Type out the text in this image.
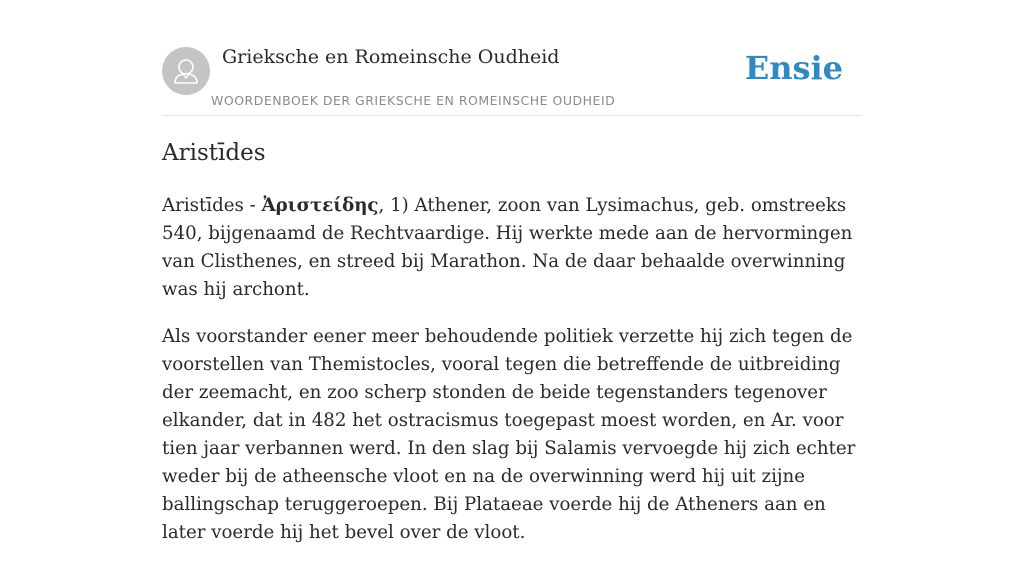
Grieksche en Romeinsche Oudheid
WOORDENBOEK DER GRIEKSCHE EN ROMEINSCHE OUDHEID
Ensie
Aristīdes

Aristīdes - Ἀριστείδης, 1) Athener, zoon van Lysimachus, geb. omstreeks 540, bijgenaamd de Rechtvaardige. Hij werkte mede aan de hervormingen van Clisthenes, en streed bij Marathon. Na de daar behaalde overwinning was hij archont.

Als voorstander eener meer behoudende politiek verzette hij zich tegen de voorstellen van Themistocles, vooral tegen die betreffende de uitbreiding der zeemacht, en zoo scherp stonden de beide tegenstanders tegenover elkander, dat in 482 het ostracismus toegepast moest worden, en Ar. voor tien jaar verbannen werd. In den slag bij Salamis vervoegde hij zich echter weder bij de atheensche vloot en na de overwinning werd hij uit zijne ballingschap teruggeroepen. Bij Plataeae voerde hij de Atheners aan en later voerde hij het bevel over de vloot.
